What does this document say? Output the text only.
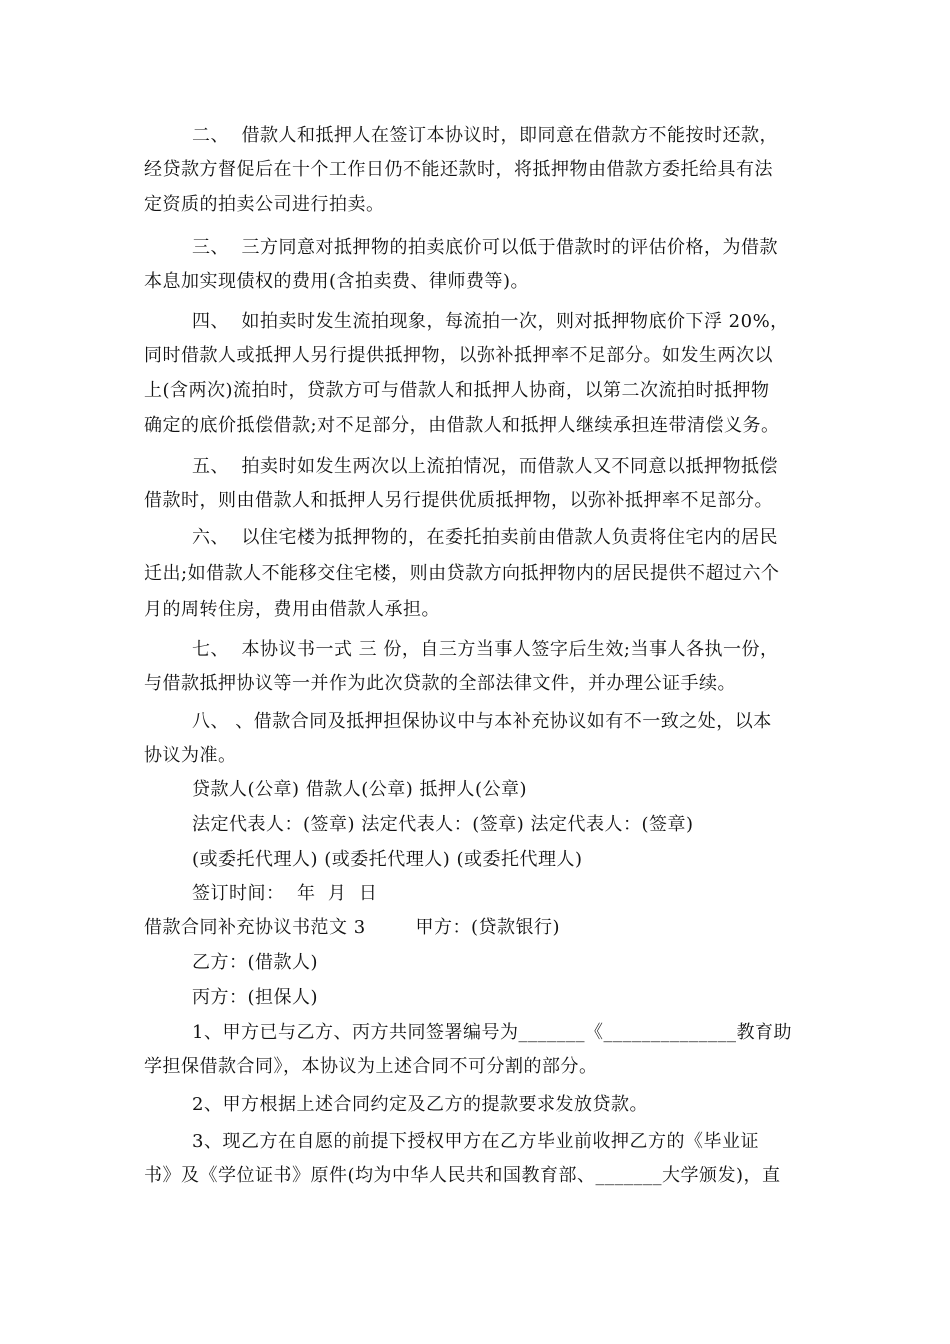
二、  借款人和抵押人在签订本协议时，即同意在借款方不能按时还款，
经贷款方督促后在十个工作日仍不能还款时，将抵押物由借款方委托给具有法
定资质的拍卖公司进行拍卖。
三、  三方同意对抵押物的拍卖底价可以低于借款时的评估价格，为借款
本息加实现债权的费用(含拍卖费、律师费等)。
四、  如拍卖时发生流拍现象，每流拍一次，则对抵押物底价下浮 20%，
同时借款人或抵押人另行提供抵押物，以弥补抵押率不足部分。如发生两次以
上(含两次)流拍时，贷款方可与借款人和抵押人协商，以第二次流拍时抵押物
确定的底价抵偿借款;对不足部分，由借款人和抵押人继续承担连带清偿义务。
五、  拍卖时如发生两次以上流拍情况，而借款人又不同意以抵押物抵偿
借款时，则由借款人和抵押人另行提供优质抵押物，以弥补抵押率不足部分。
六、  以住宅楼为抵押物的，在委托拍卖前由借款人负责将住宅内的居民
迁出;如借款人不能移交住宅楼，则由贷款方向抵押物内的居民提供不超过六个
月的周转住房，费用由借款人承担。
七、  本协议书一式 三 份，自三方当事人签字后生效;当事人各执一份，
与借款抵押协议等一并作为此次贷款的全部法律文件，并办理公证手续。
八、 、借款合同及抵押担保协议中与本补充协议如有不一致之处，以本
协议为准。
贷款人(公章) 借款人(公章) 抵押人(公章)
法定代表人：(签章) 法定代表人：(签章) 法定代表人：(签章)
(或委托代理人) (或委托代理人) (或委托代理人)
签订时间：  年  月  日
借款合同补充协议书范文 3        甲方：(贷款银行)
乙方：(借款人)
丙方：(担保人)
1、甲方已与乙方、丙方共同签署编号为_______《______________教育助
学担保借款合同》，本协议为上述合同不可分割的部分。
2、甲方根据上述合同约定及乙方的提款要求发放贷款。
3、现乙方在自愿的前提下授权甲方在乙方毕业前收押乙方的《毕业证
书》及《学位证书》原件(均为中华人民共和国教育部、_______大学颁发)，直
